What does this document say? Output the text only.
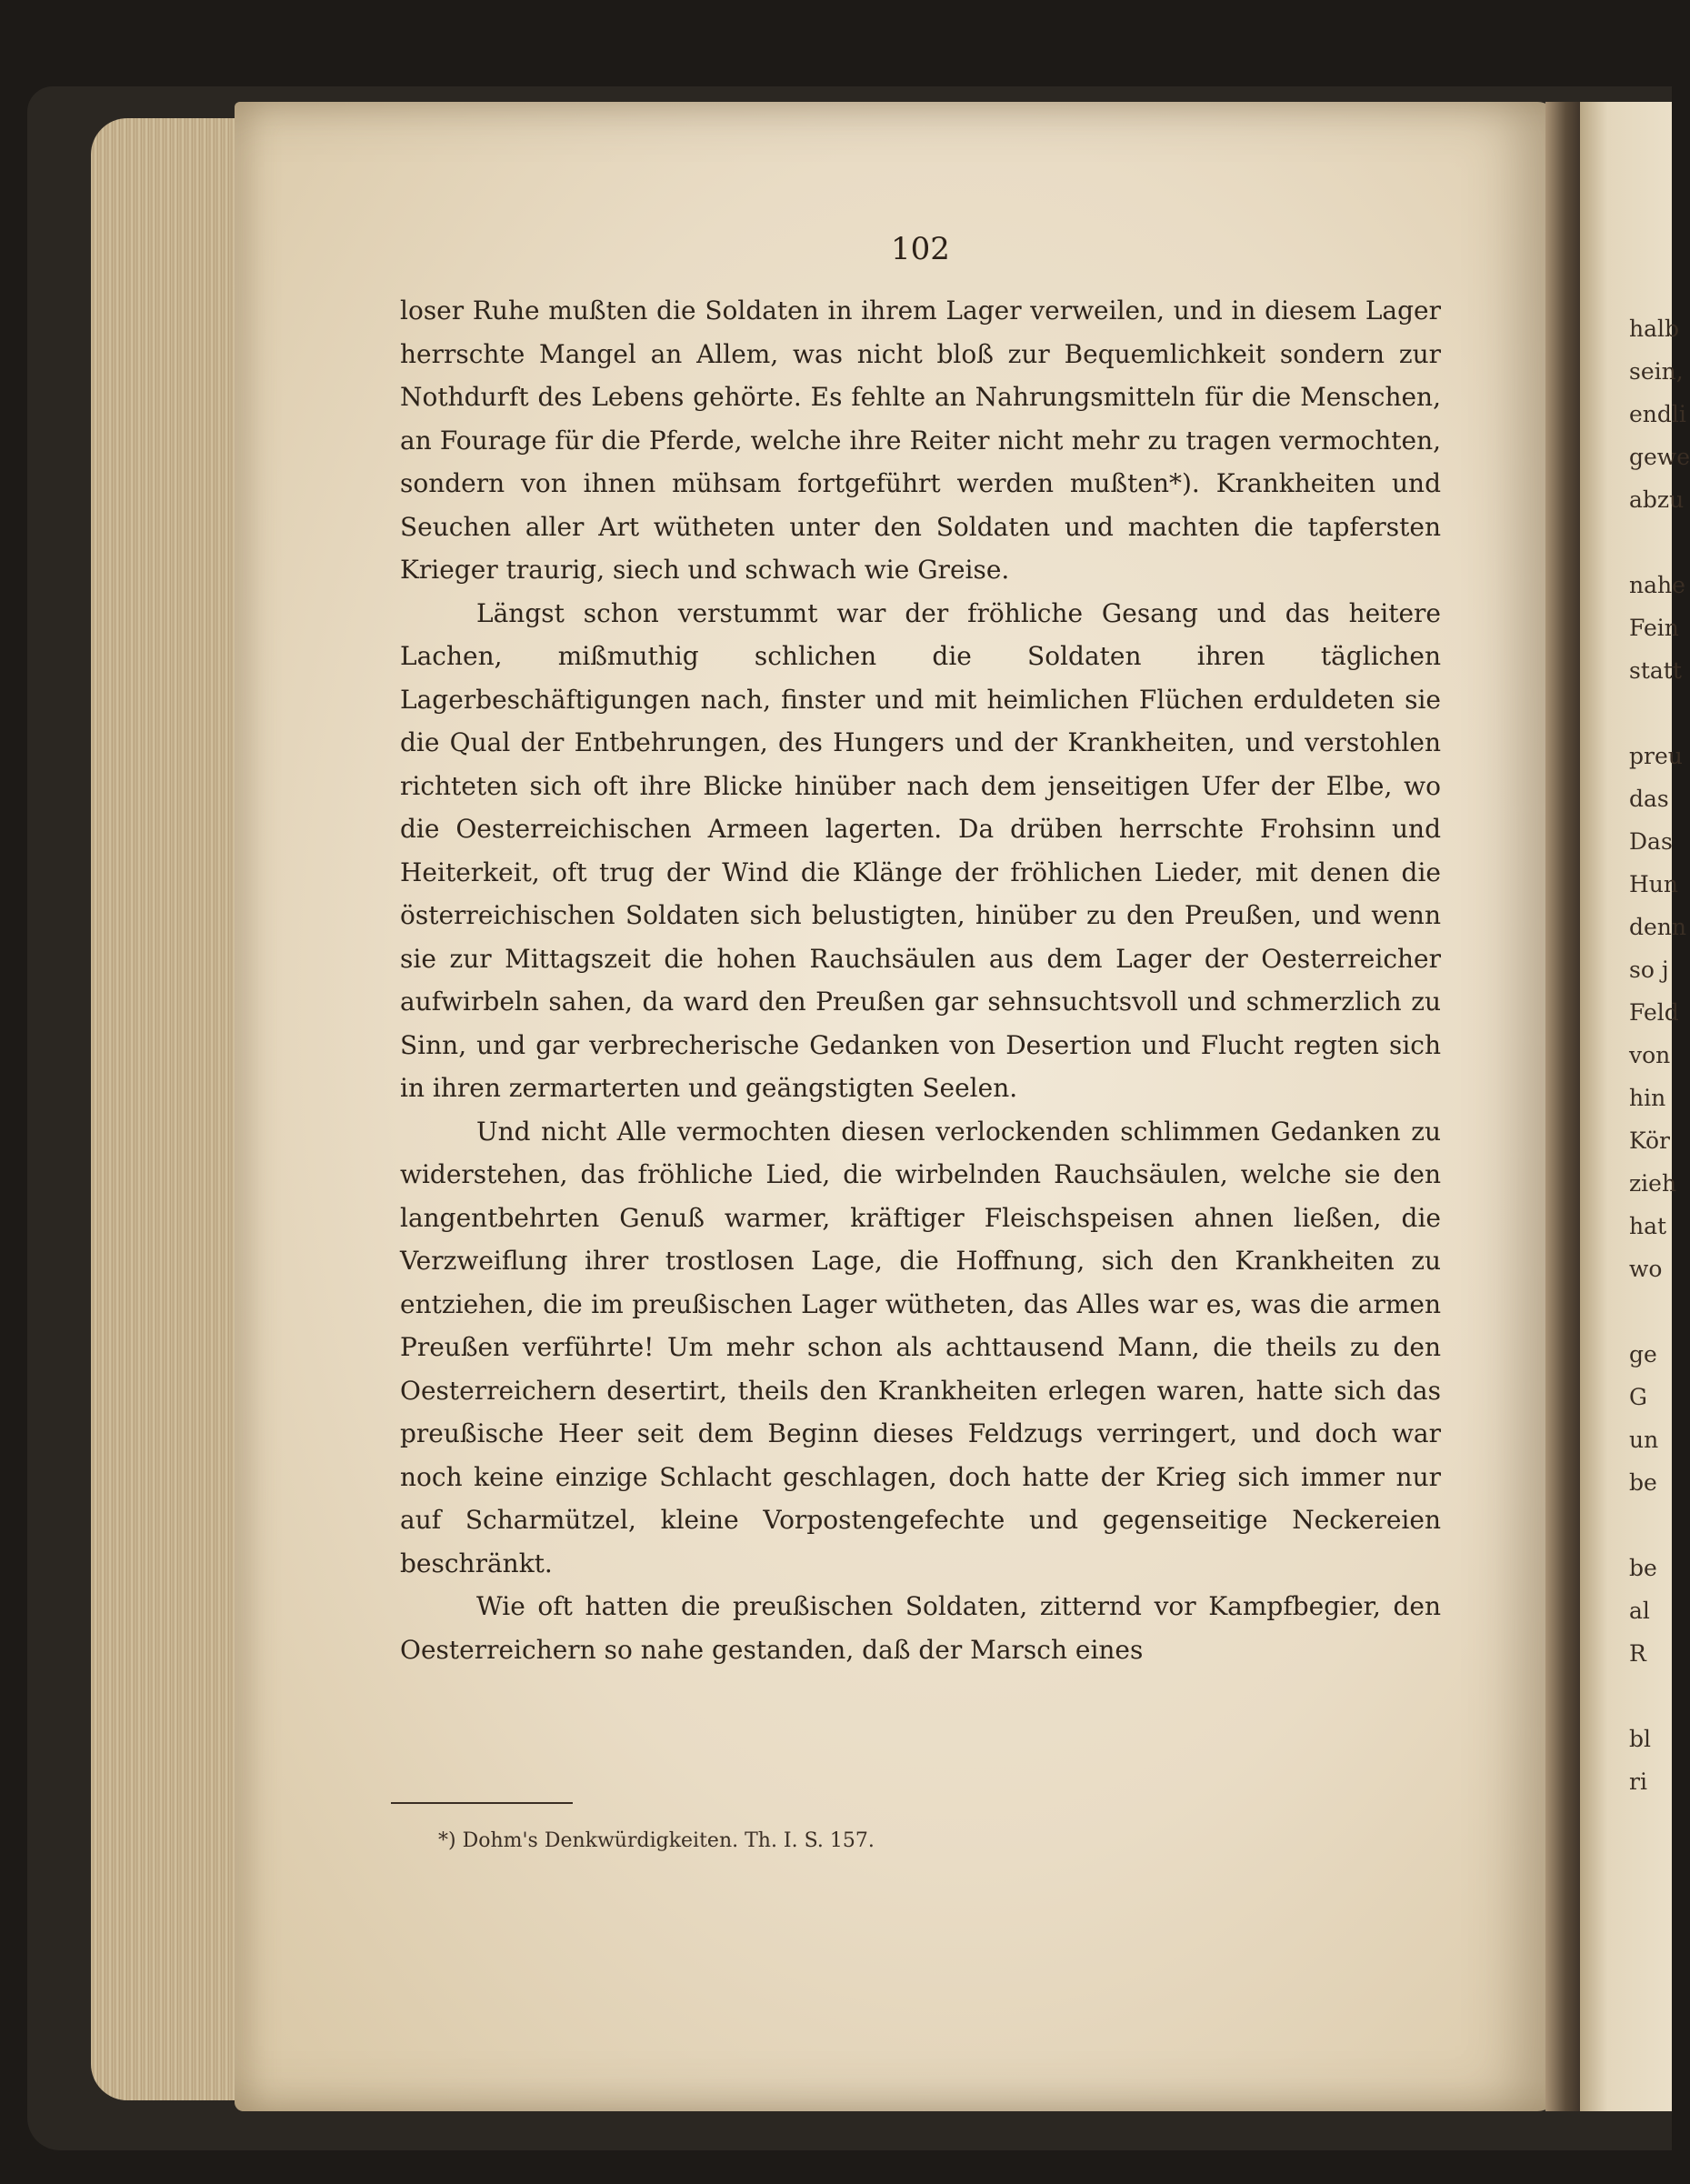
102

loser Ruhe mußten die Soldaten in ihrem Lager verweilen, und in diesem Lager herrschte Mangel an Allem, was nicht bloß zur Bequemlichkeit sondern zur Nothdurft des Lebens gehörte. Es fehlte an Nahrungsmitteln für die Menschen, an Fourage für die Pferde, welche ihre Reiter nicht mehr zu tragen vermochten, sondern von ihnen mühsam fortgeführt werden mußten*). Krankheiten und Seuchen aller Art wütheten unter den Soldaten und machten die tapfersten Krieger traurig, siech und schwach wie Greise.

Längst schon verstummt war der fröhliche Gesang und das heitere Lachen, mißmuthig schlichen die Soldaten ihren täglichen Lagerbeschäftigungen nach, finster und mit heimlichen Flüchen erduldeten sie die Qual der Entbehrungen, des Hungers und der Krankheiten, und verstohlen richteten sich oft ihre Blicke hinüber nach dem jenseitigen Ufer der Elbe, wo die Oesterreichischen Armeen lagerten. Da drüben herrschte Frohsinn und Heiterkeit, oft trug der Wind die Klänge der fröhlichen Lieder, mit denen die österreichischen Soldaten sich belustigten, hinüber zu den Preußen, und wenn sie zur Mittagszeit die hohen Rauchsäulen aus dem Lager der Oesterreicher aufwirbeln sahen, da ward den Preußen gar sehnsuchtsvoll und schmerzlich zu Sinn, und gar verbrecherische Gedanken von Desertion und Flucht regten sich in ihren zermarterten und geängstigten Seelen.

Und nicht Alle vermochten diesen verlockenden schlimmen Gedanken zu widerstehen, das fröhliche Lied, die wirbelnden Rauchsäulen, welche sie den langentbehrten Genuß warmer, kräftiger Fleischspeisen ahnen ließen, die Verzweiflung ihrer trostlosen Lage, die Hoffnung, sich den Krankheiten zu entziehen, die im preußischen Lager wütheten, das Alles war es, was die armen Preußen verführte! Um mehr schon als achttausend Mann, die theils zu den Oesterreichern desertirt, theils den Krankheiten erlegen waren, hatte sich das preußische Heer seit dem Beginn dieses Feldzugs verringert, und doch war noch keine einzige Schlacht geschlagen, doch hatte der Krieg sich immer nur auf Scharmützel, kleine Vorpostengefechte und gegenseitige Neckereien beschränkt.

Wie oft hatten die preußischen Soldaten, zitternd vor Kampfbegier, den Oesterreichern so nahe gestanden, daß der Marsch eines

*) Dohm's Denkwürdigkeiten. Th. I. S. 157.

halb
sein,
endli
gewe
abzu
nahe
Fein
statt
preu
das
Das
Hun
denn
so j
Feld
von
hin
Kör
zieh
hat
wo
ge
G
un
be
be
al
R
bl
ri
